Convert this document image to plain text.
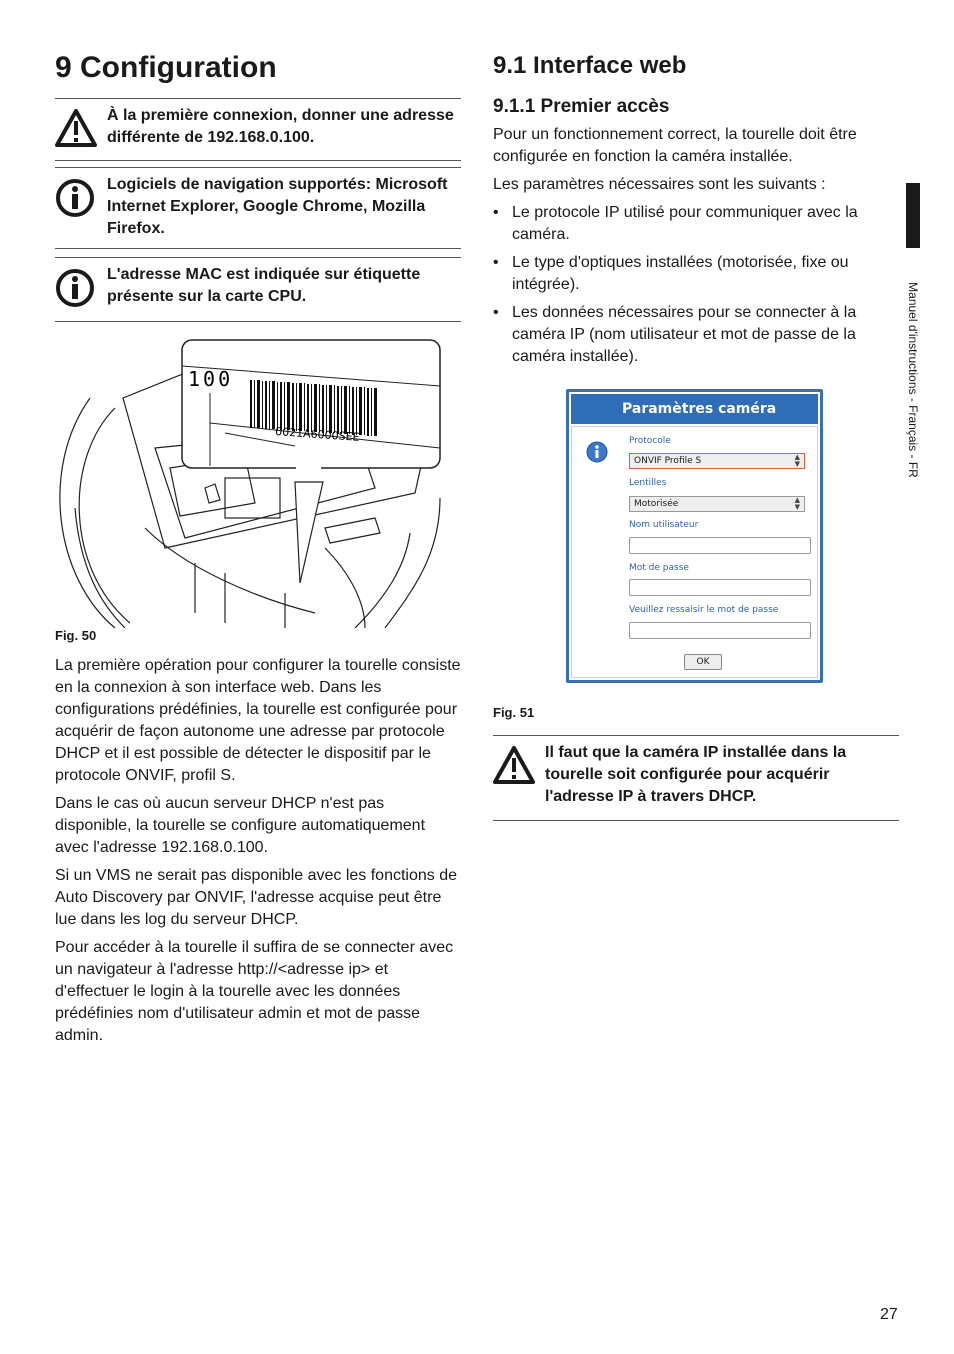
9 Configuration
À la première connexion, donner une adresse différente de 192.168.0.100.
Logiciels de navigation supportés: Microsoft Internet Explorer, Google Chrome, Mozilla Firefox.
L'adresse MAC est indiquée sur étiquette présente sur la carte CPU.
0021A6000SEE
100
Fig. 50

La première opération pour configurer la tourelle consiste en la connexion à son interface web. Dans les configurations prédéfinies, la tourelle est configurée pour acquérir de façon autonome une adresse par protocole DHCP et il est possible de détecter le dispositif par le protocole ONVIF, profil S.

Dans le cas où aucun serveur DHCP n'est pas disponible, la tourelle se configure automatiquement avec l'adresse 192.168.0.100.

Si un VMS ne serait pas disponible avec les fonctions de Auto Discovery par ONVIF, l'adresse acquise peut être lue dans les log du serveur DHCP.

Pour accéder à la tourelle il suffira de se connecter avec un navigateur à l'adresse http://<adresse ip> et d'effectuer le login à la tourelle avec les données prédéfinies nom d'utilisateur admin et mot de passe admin.

9.1 Interface web
9.1.1 Premier accès

Pour un fonctionnement correct, la tourelle doit être configurée en fonction la caméra installée.

Les paramètres nécessaires sont les suivants :

• Le protocole IP utilisé pour communiquer avec la caméra.
• Le type d'optiques installées (motorisée, fixe ou intégrée).
• Les données nécessaires pour se connecter à la caméra IP (nom utilisateur et mot de passe de la caméra installée).
Paramètres caméra
Protocole
ONVIF Profile S	▲
▼
Lentilles
Motorisée	▲
▼
Nom utilisateur
Mot de passe
Veuillez ressaisir le mot de passe
OK
Fig. 51
Il faut que la caméra IP installée dans la tourelle soit configurée pour acquérir l'adresse IP à travers DHCP.
Manuel d'instructions - Français - FR
27
